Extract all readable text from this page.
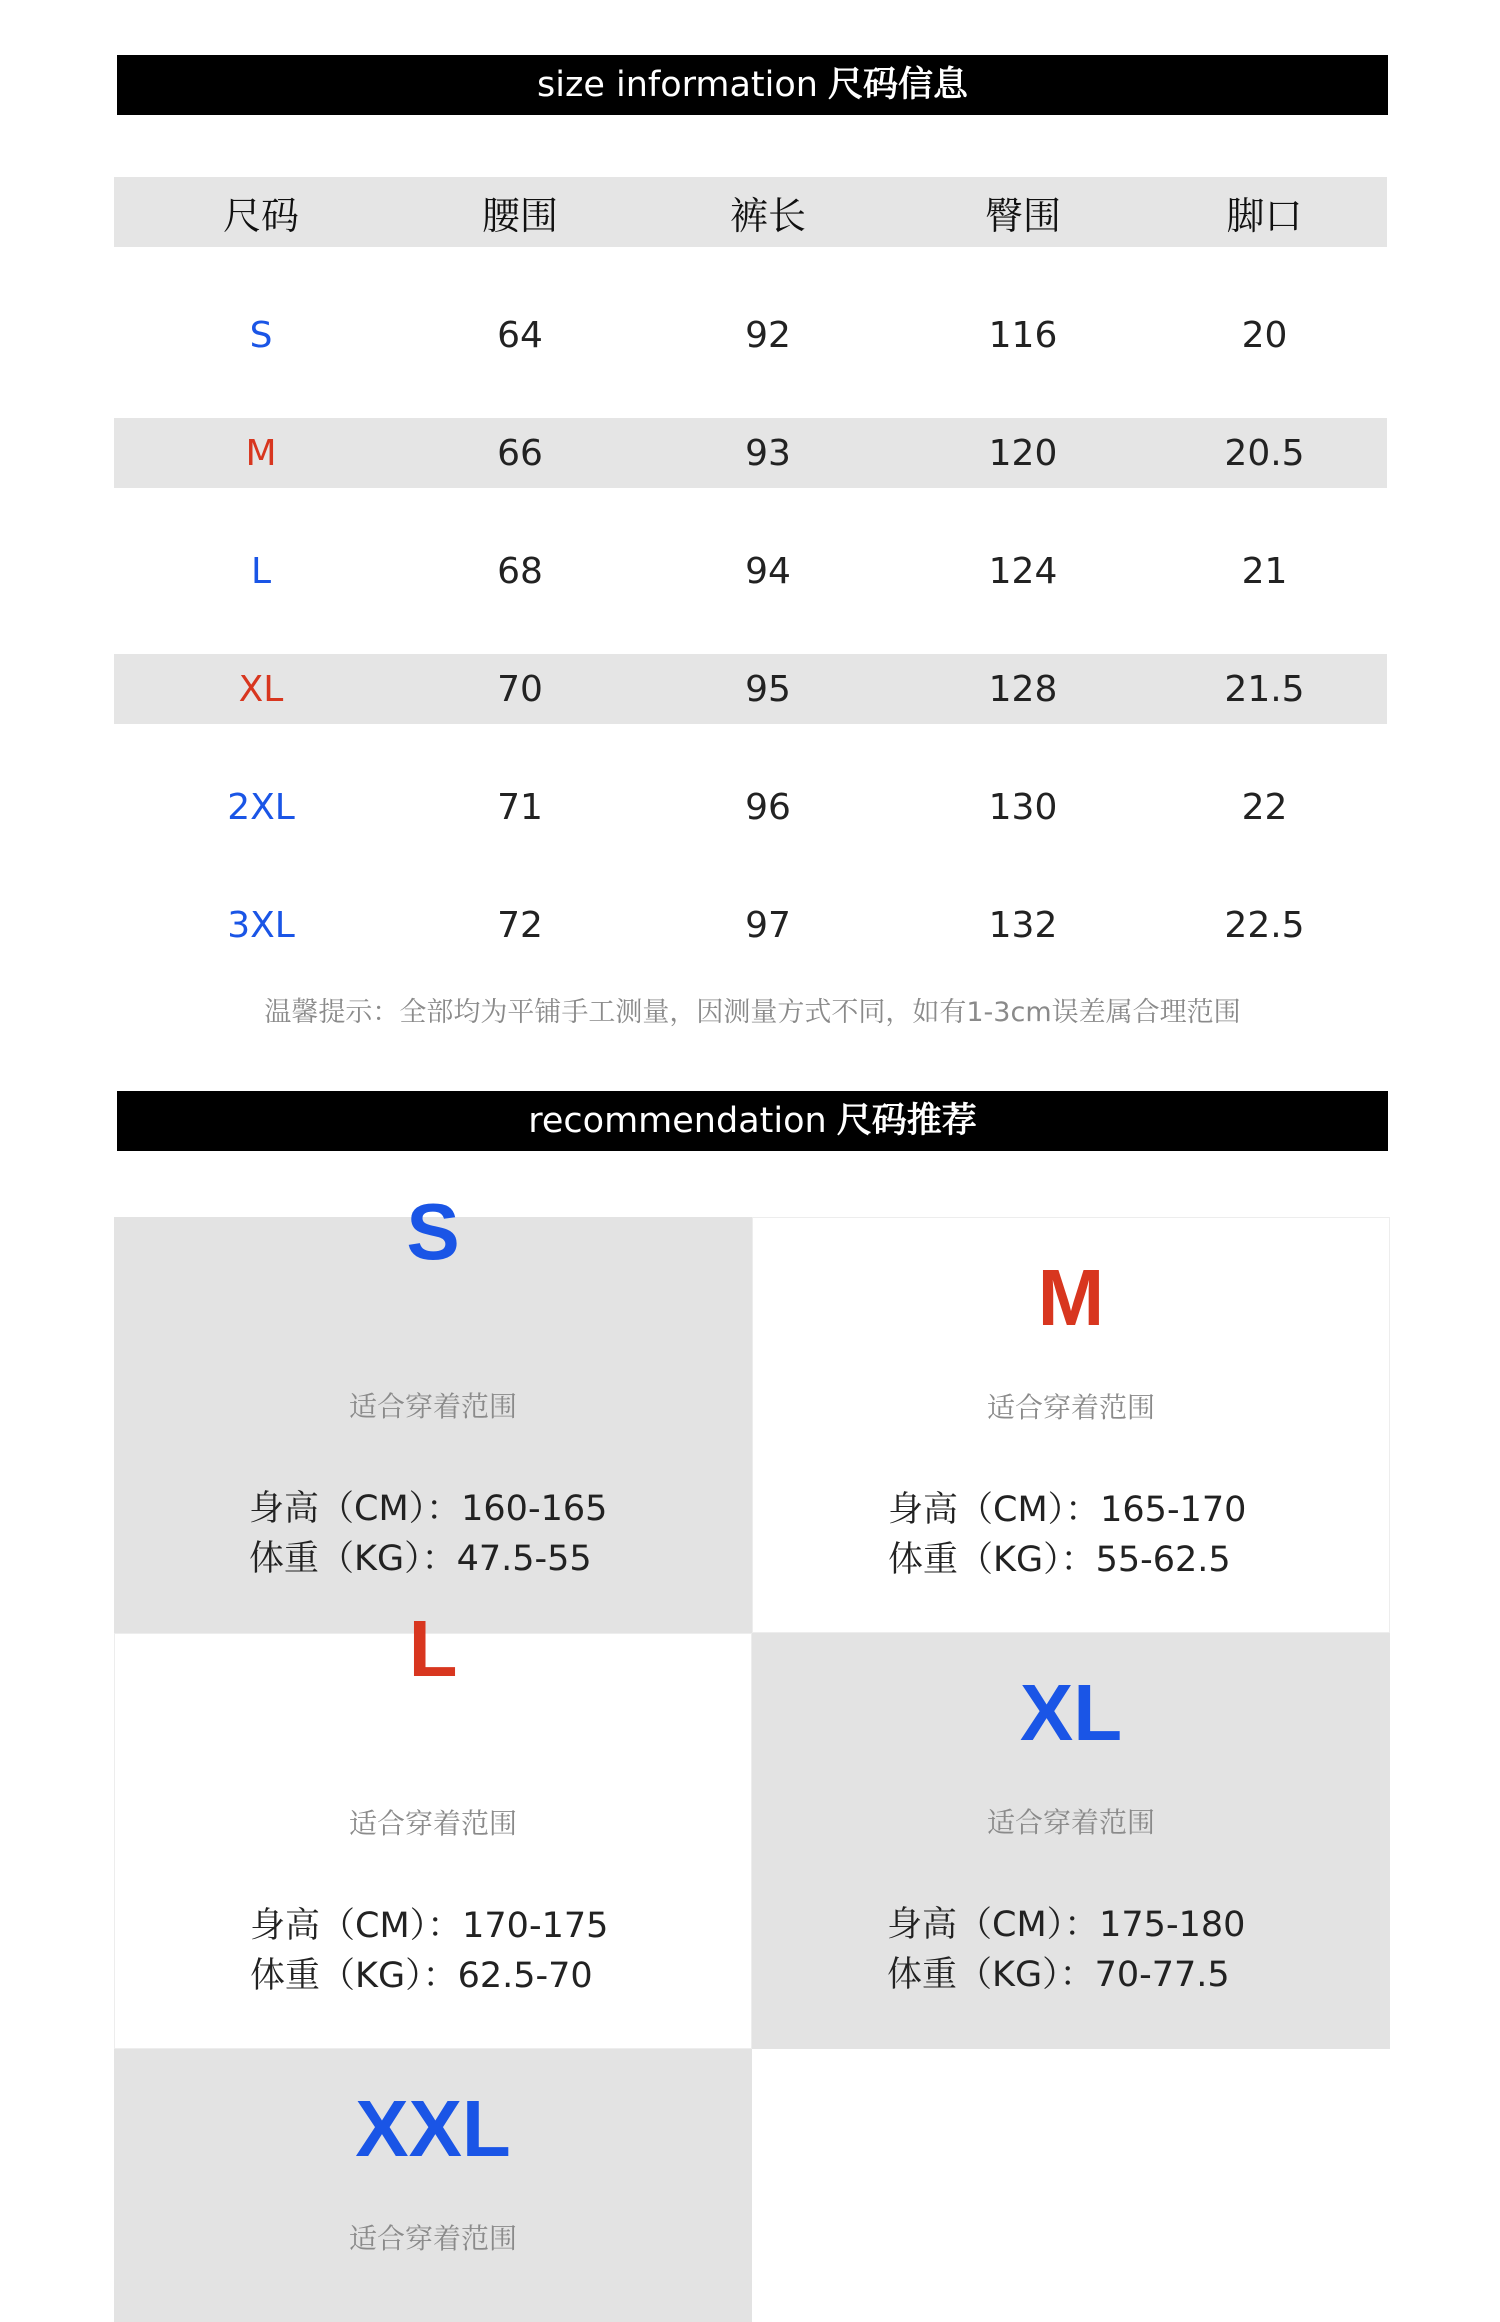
size information 尺码信息
尺码	腰围	裤长	臀围	脚口
S	64	92	116	20
M	66	93	120	20.5
L	68	94	124	21
XL	70	95	128	21.5
2XL	71	96	130	22
3XL	72	97	132	22.5
温馨提示：全部均为平铺手工测量，因测量方式不同，如有1-3cm误差属合理范围
recommendation 尺码推荐
S
适合穿着范围
身高（CM）：160-165
体重（KG）：47.5-55
M
适合穿着范围
身高（CM）：165-170
体重（KG）：55-62.5
L
适合穿着范围
身高（CM）：170-175
体重（KG）：62.5-70
XL
适合穿着范围
身高（CM）：175-180
体重（KG）：70-77.5
XXL
适合穿着范围
